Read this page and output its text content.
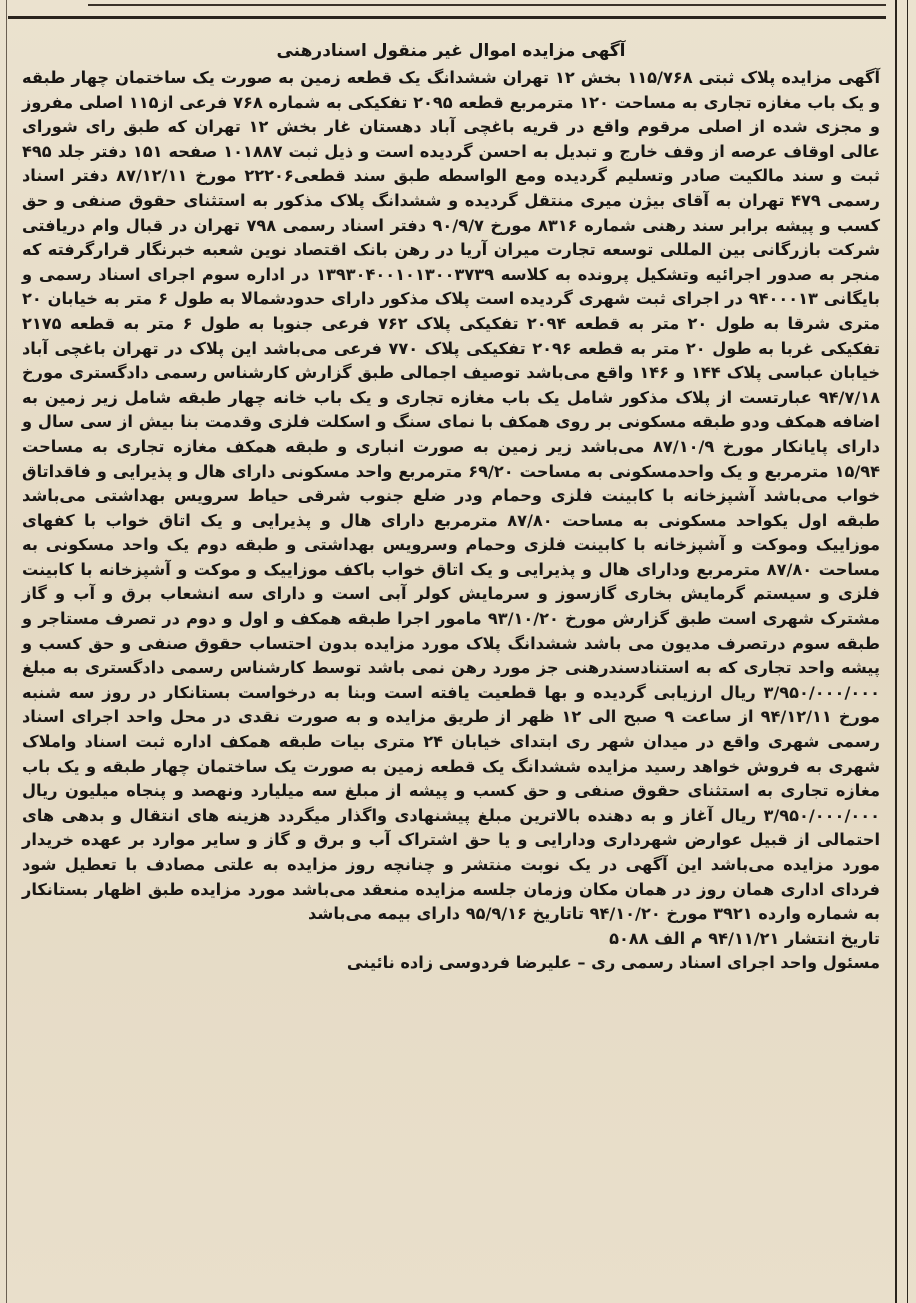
آگهی مزایده اموال غیر منقول اسنادرهنی

آگهی مزایده پلاک ثبتی ۱۱۵/۷۶۸ بخش ۱۲ تهران ششدانگ یک قطعه زمین به صورت یک ساختمان چهار طبقه و یک باب مغازه تجاری به مساحت ۱۲۰ مترمربع قطعه ۲۰۹۵ تفکیکی به شماره ۷۶۸ فرعی از۱۱۵ اصلی مفروز و مجزی شده از اصلی مرقوم واقع در قریه باغچی آباد دهستان غار بخش ۱۲ تهران که طبق رای شورای عالی اوقاف عرصه از وقف خارج و تبدیل به احسن گردیده است و ذیل ثبت ۱۰۱۸۸۷ صفحه ۱۵۱ دفتر جلد ۴۹۵ ثبت و سند مالکیت صادر وتسلیم گردیده ومع الواسطه طبق سند قطعی۲۲۲۰۶ مورخ ۸۷/۱۲/۱۱ دفتر اسناد رسمی ۴۷۹ تهران به آقای بیژن میری منتقل گردیده و ششدانگ پلاک مذکور به استثنای حقوق صنفی و حق کسب و پیشه برابر سند رهنی شماره ۸۳۱۶ مورخ ۹۰/۹/۷ دفتر اسناد رسمی ۷۹۸ تهران در قبال وام دریافتی شرکت بازرگانی بین المللی توسعه تجارت میران آریا در رهن بانک اقتصاد نوین شعبه خبرنگار قرارگرفته که منجر به صدور اجرائیه وتشکیل پرونده به کلاسه ۱۳۹۳۰۴۰۰۱۰۱۳۰۰۳۷۳۹ در اداره سوم اجرای اسناد رسمی و بایگانی ۹۴۰۰۰۱۳ در اجرای ثبت شهری گردیده است پلاک مذکور دارای حدودشمالا به طول ۶ متر به خیابان ۲۰ متری شرقا به طول ۲۰ متر به قطعه ۲۰۹۴ تفکیکی پلاک ۷۶۲ فرعی جنوبا به طول ۶ متر به قطعه ۲۱۷۵ تفکیکی غربا به طول ۲۰ متر به قطعه ۲۰۹۶ تفکیکی پلاک ۷۷۰ فرعی می‌باشد این پلاک در تهران باغچی آباد خیابان عباسی پلاک ۱۴۴ و ۱۴۶ واقع می‌باشد توصیف اجمالی طبق گزارش کارشناس رسمی دادگستری مورخ ۹۴/۷/۱۸ عبارتست از پلاک مذکور شامل یک باب مغازه تجاری و یک باب خانه چهار طبقه شامل زیر زمین به اضافه همکف ودو طبقه مسکونی بر روی همکف با نمای سنگ و اسکلت فلزی وقدمت بنا بیش از سی سال و دارای پایانکار مورخ ۸۷/۱۰/۹ می‌باشد زیر زمین به صورت انباری و طبقه همکف مغازه تجاری به مساحت ۱۵/۹۴ مترمربع و یک واحدمسکونی به مساحت ۶۹/۲۰ مترمربع واحد مسکونی دارای هال و پذیرایی و فاقداتاق خواب می‌باشد آشپزخانه با کابینت فلزی وحمام ودر ضلع جنوب شرقی حیاط سرویس بهداشتی می‌باشد طبقه اول یکواحد مسکونی به مساحت ۸۷/۸۰ مترمربع دارای هال و پذیرایی و یک اتاق خواب با کفهای موزاییک وموکت و آشپزخانه با کابینت فلزی وحمام وسرویس بهداشتی و طبقه دوم یک واحد مسکونی به مساحت ۸۷/۸۰ مترمربع ودارای هال و پذیرایی و یک اتاق خواب باکف موزاییک و موکت و آشپزخانه با کابینت فلزی و سیستم گرمایش بخاری گازسوز و سرمایش کولر آبی است و دارای سه انشعاب برق و آب و گاز مشترک شهری است طبق گزارش مورخ ۹۳/۱۰/۲۰ مامور اجرا طبقه همکف و اول و دوم در تصرف مستاجر و طبقه سوم درتصرف مدیون می باشد ششدانگ پلاک مورد مزایده بدون احتساب حقوق صنفی و حق کسب و پیشه واحد تجاری که به استنادسندرهنی جز مورد رهن نمی باشد توسط کارشناس رسمی دادگستری به مبلغ ۳/۹۵۰/۰۰۰/۰۰۰ ریال ارزیابی گردیده و بها قطعیت یافته است وبنا به درخواست بستانکار در روز سه شنبه مورخ ۹۴/۱۲/۱۱ از ساعت ۹ صبح الی ۱۲ ظهر از طریق مزایده و به صورت نقدی در محل واحد اجرای اسناد رسمی شهری واقع در میدان شهر ری ابتدای خیابان ۲۴ متری بیات طبقه همکف اداره ثبت اسناد واملاک شهری به فروش خواهد رسید مزایده ششدانگ یک قطعه زمین به صورت یک ساختمان چهار طبقه و یک باب مغازه تجاری به استثنای حقوق صنفی و حق کسب و پیشه از مبلغ سه میلیارد ونهصد و پنجاه میلیون ریال ۳/۹۵۰/۰۰۰/۰۰۰ ریال آغاز و به دهنده بالاترین مبلغ پیشنهادی واگذار میگردد هزینه های انتقال و بدهی های احتمالی از قبیل عوارض شهرداری ودارایی و یا حق اشتراک آب و برق و گاز و سایر موارد بر عهده خریدار مورد مزایده می‌باشد این آگهی در یک نوبت منتشر و چنانچه روز مزایده به علتی مصادف با تعطیل شود فردای اداری همان روز در همان مکان وزمان جلسه مزایده منعقد می‌باشد مورد مزایده طبق اظهار بستانکار به شماره وارده ۳۹۲۱ مورخ ۹۴/۱۰/۲۰ تاتاریخ ۹۵/۹/۱۶ دارای بیمه می‌باشد

تاریخ انتشار ۹۴/۱۱/۲۱ م الف ۵۰۸۸

مسئول واحد اجرای اسناد رسمی ری – علیرضا فردوسی زاده نائینی
